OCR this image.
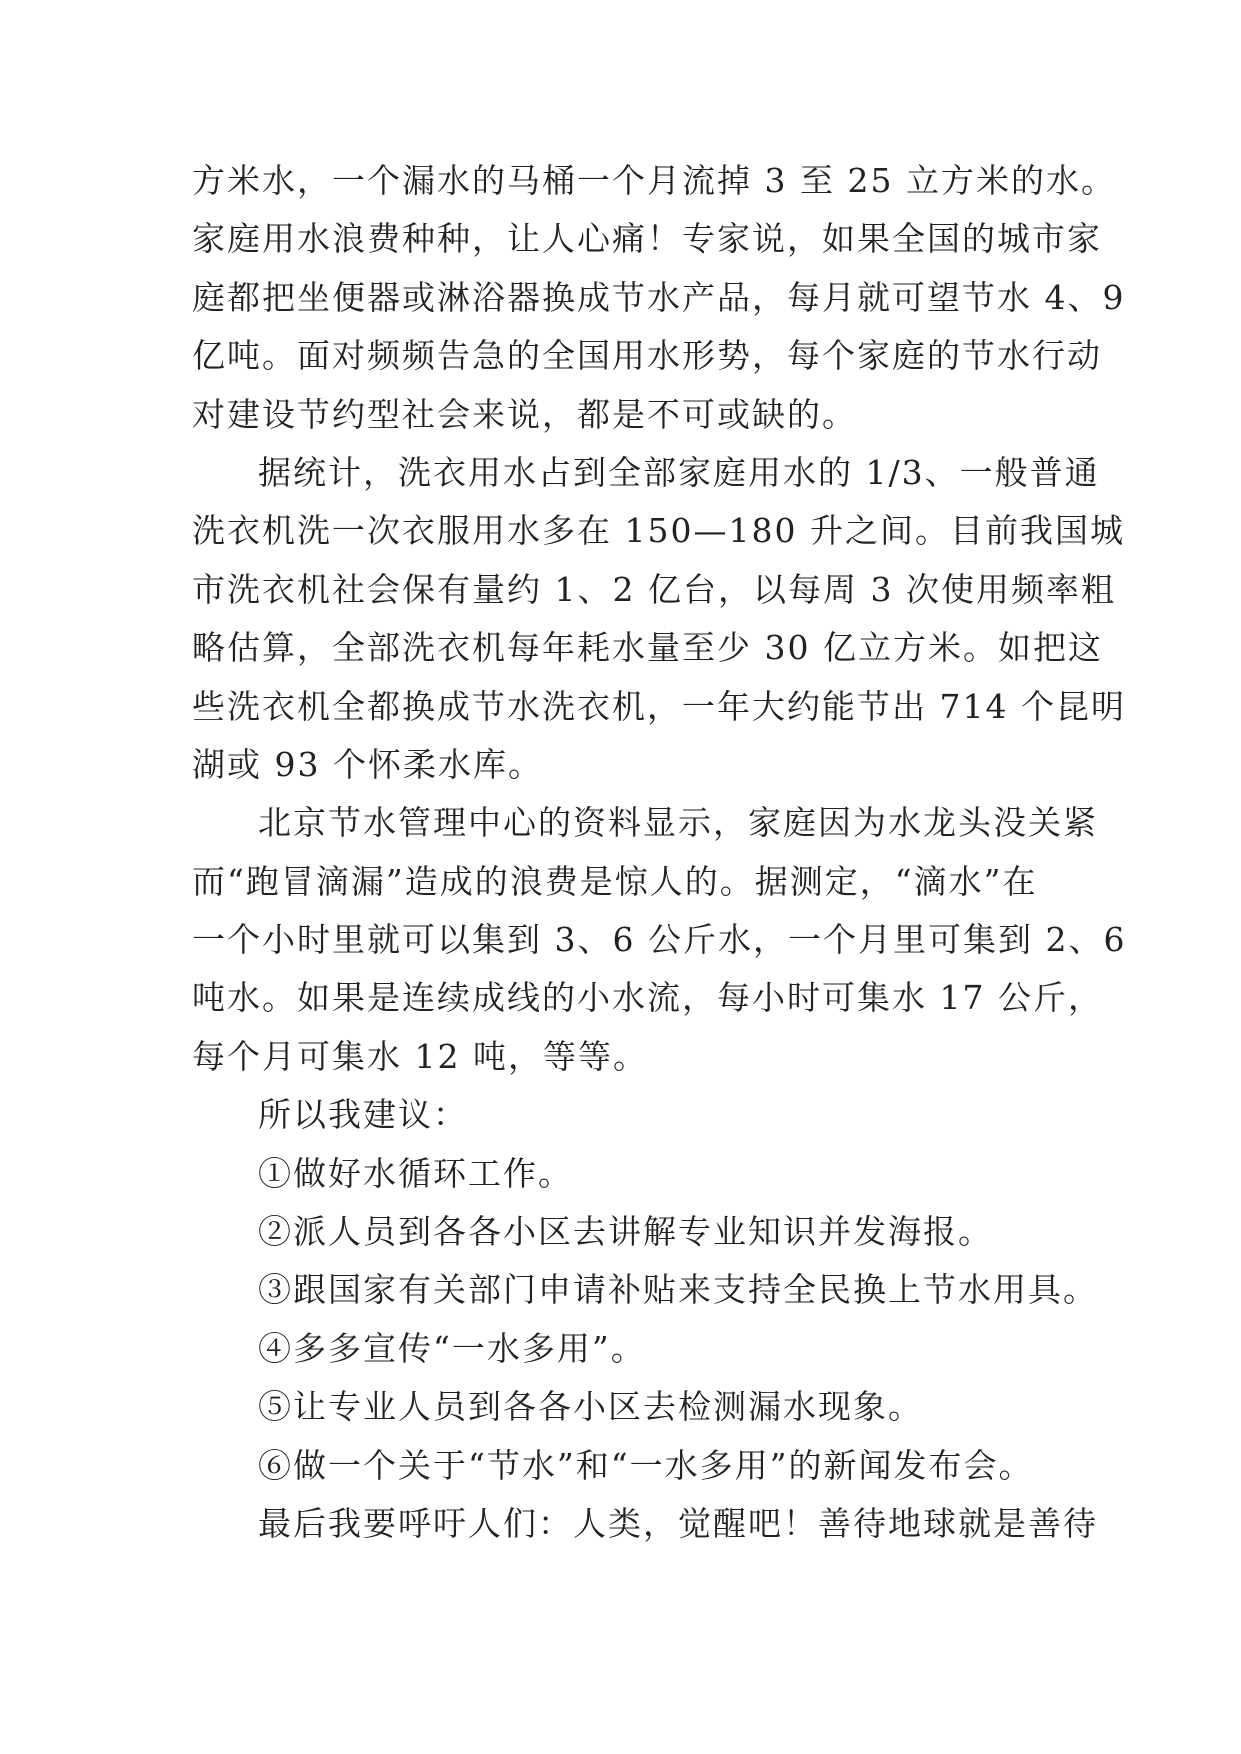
方米水，一个漏水的马桶一个月流掉 3 至 25 立方米的水。
家庭用水浪费种种，让人心痛！专家说，如果全国的城市家
庭都把坐便器或淋浴器换成节水产品，每月就可望节水 4、9
亿吨。面对频频告急的全国用水形势，每个家庭的节水行动
对建设节约型社会来说，都是不可或缺的。
据统计，洗衣用水占到全部家庭用水的 1/3、一般普通
洗衣机洗一次衣服用水多在 150—180 升之间。目前我国城
市洗衣机社会保有量约 1、2 亿台，以每周 3 次使用频率粗
略估算，全部洗衣机每年耗水量至少 30 亿立方米。如把这
些洗衣机全都换成节水洗衣机，一年大约能节出 714 个昆明
湖或 93 个怀柔水库。
北京节水管理中心的资料显示，家庭因为水龙头没关紧
而“跑冒滴漏”造成的浪费是惊人的。据测定，“滴水”在
一个小时里就可以集到 3、6 公斤水，一个月里可集到 2、6
吨水。如果是连续成线的小水流，每小时可集水 17 公斤，
每个月可集水 12 吨，等等。
所以我建议：
①做好水循环工作。
②派人员到各各小区去讲解专业知识并发海报。
③跟国家有关部门申请补贴来支持全民换上节水用具。
④多多宣传“一水多用”。
⑤让专业人员到各各小区去检测漏水现象。
⑥做一个关于“节水”和“一水多用”的新闻发布会。
最后我要呼吁人们：人类，觉醒吧！善待地球就是善待
